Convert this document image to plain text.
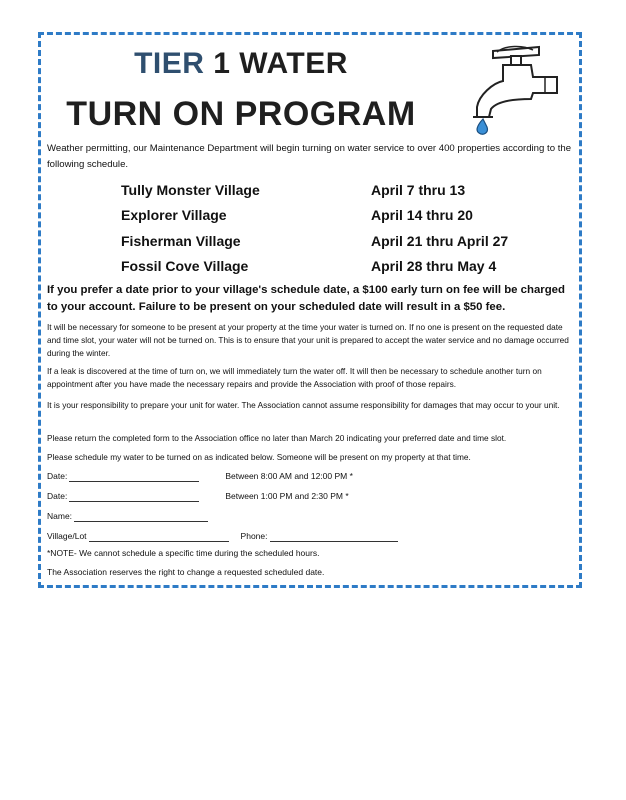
TIER 1 WATER
TURN ON PROGRAM
Weather permitting, our Maintenance Department will begin turning on water service to over 400 properties according to the following schedule.
Tully Monster Village	April 7 thru 13
Explorer Village	April 14 thru 20
Fisherman Village	April 21 thru April 27
Fossil Cove Village	April 28 thru May 4
If you prefer a date prior to your village's schedule date, a $100 early turn on fee will be charged to your account. Failure to be present on your scheduled date will result in a $50 fee.
It will be necessary for someone to be present at your property at the time your water is turned on. If no one is present on the requested date and time slot, your water will not be turned on. This is to ensure that your unit is prepared to accept the water service and no damage occurred during the winter.
If a leak is discovered at the time of turn on, we will immediately turn the water off. It will then be necessary to schedule another turn on appointment after you have made the necessary repairs and provide the Association with proof of those repairs.
It is your responsibility to prepare your unit for water. The Association cannot assume responsibility for damages that may occur to your unit.
Please return the completed form to the Association office no later than March 20 indicating your preferred date and time slot.
Please schedule my water to be turned on as indicated below. Someone will be present on my property at that time.
Date:	Between 8:00 AM and 12:00 PM *
Date:	Between 1:00 PM and 2:30 PM *
Name:
Village/Lot	Phone:
*NOTE- We cannot schedule a specific time during the scheduled hours.
The Association reserves the right to change a requested scheduled date.
